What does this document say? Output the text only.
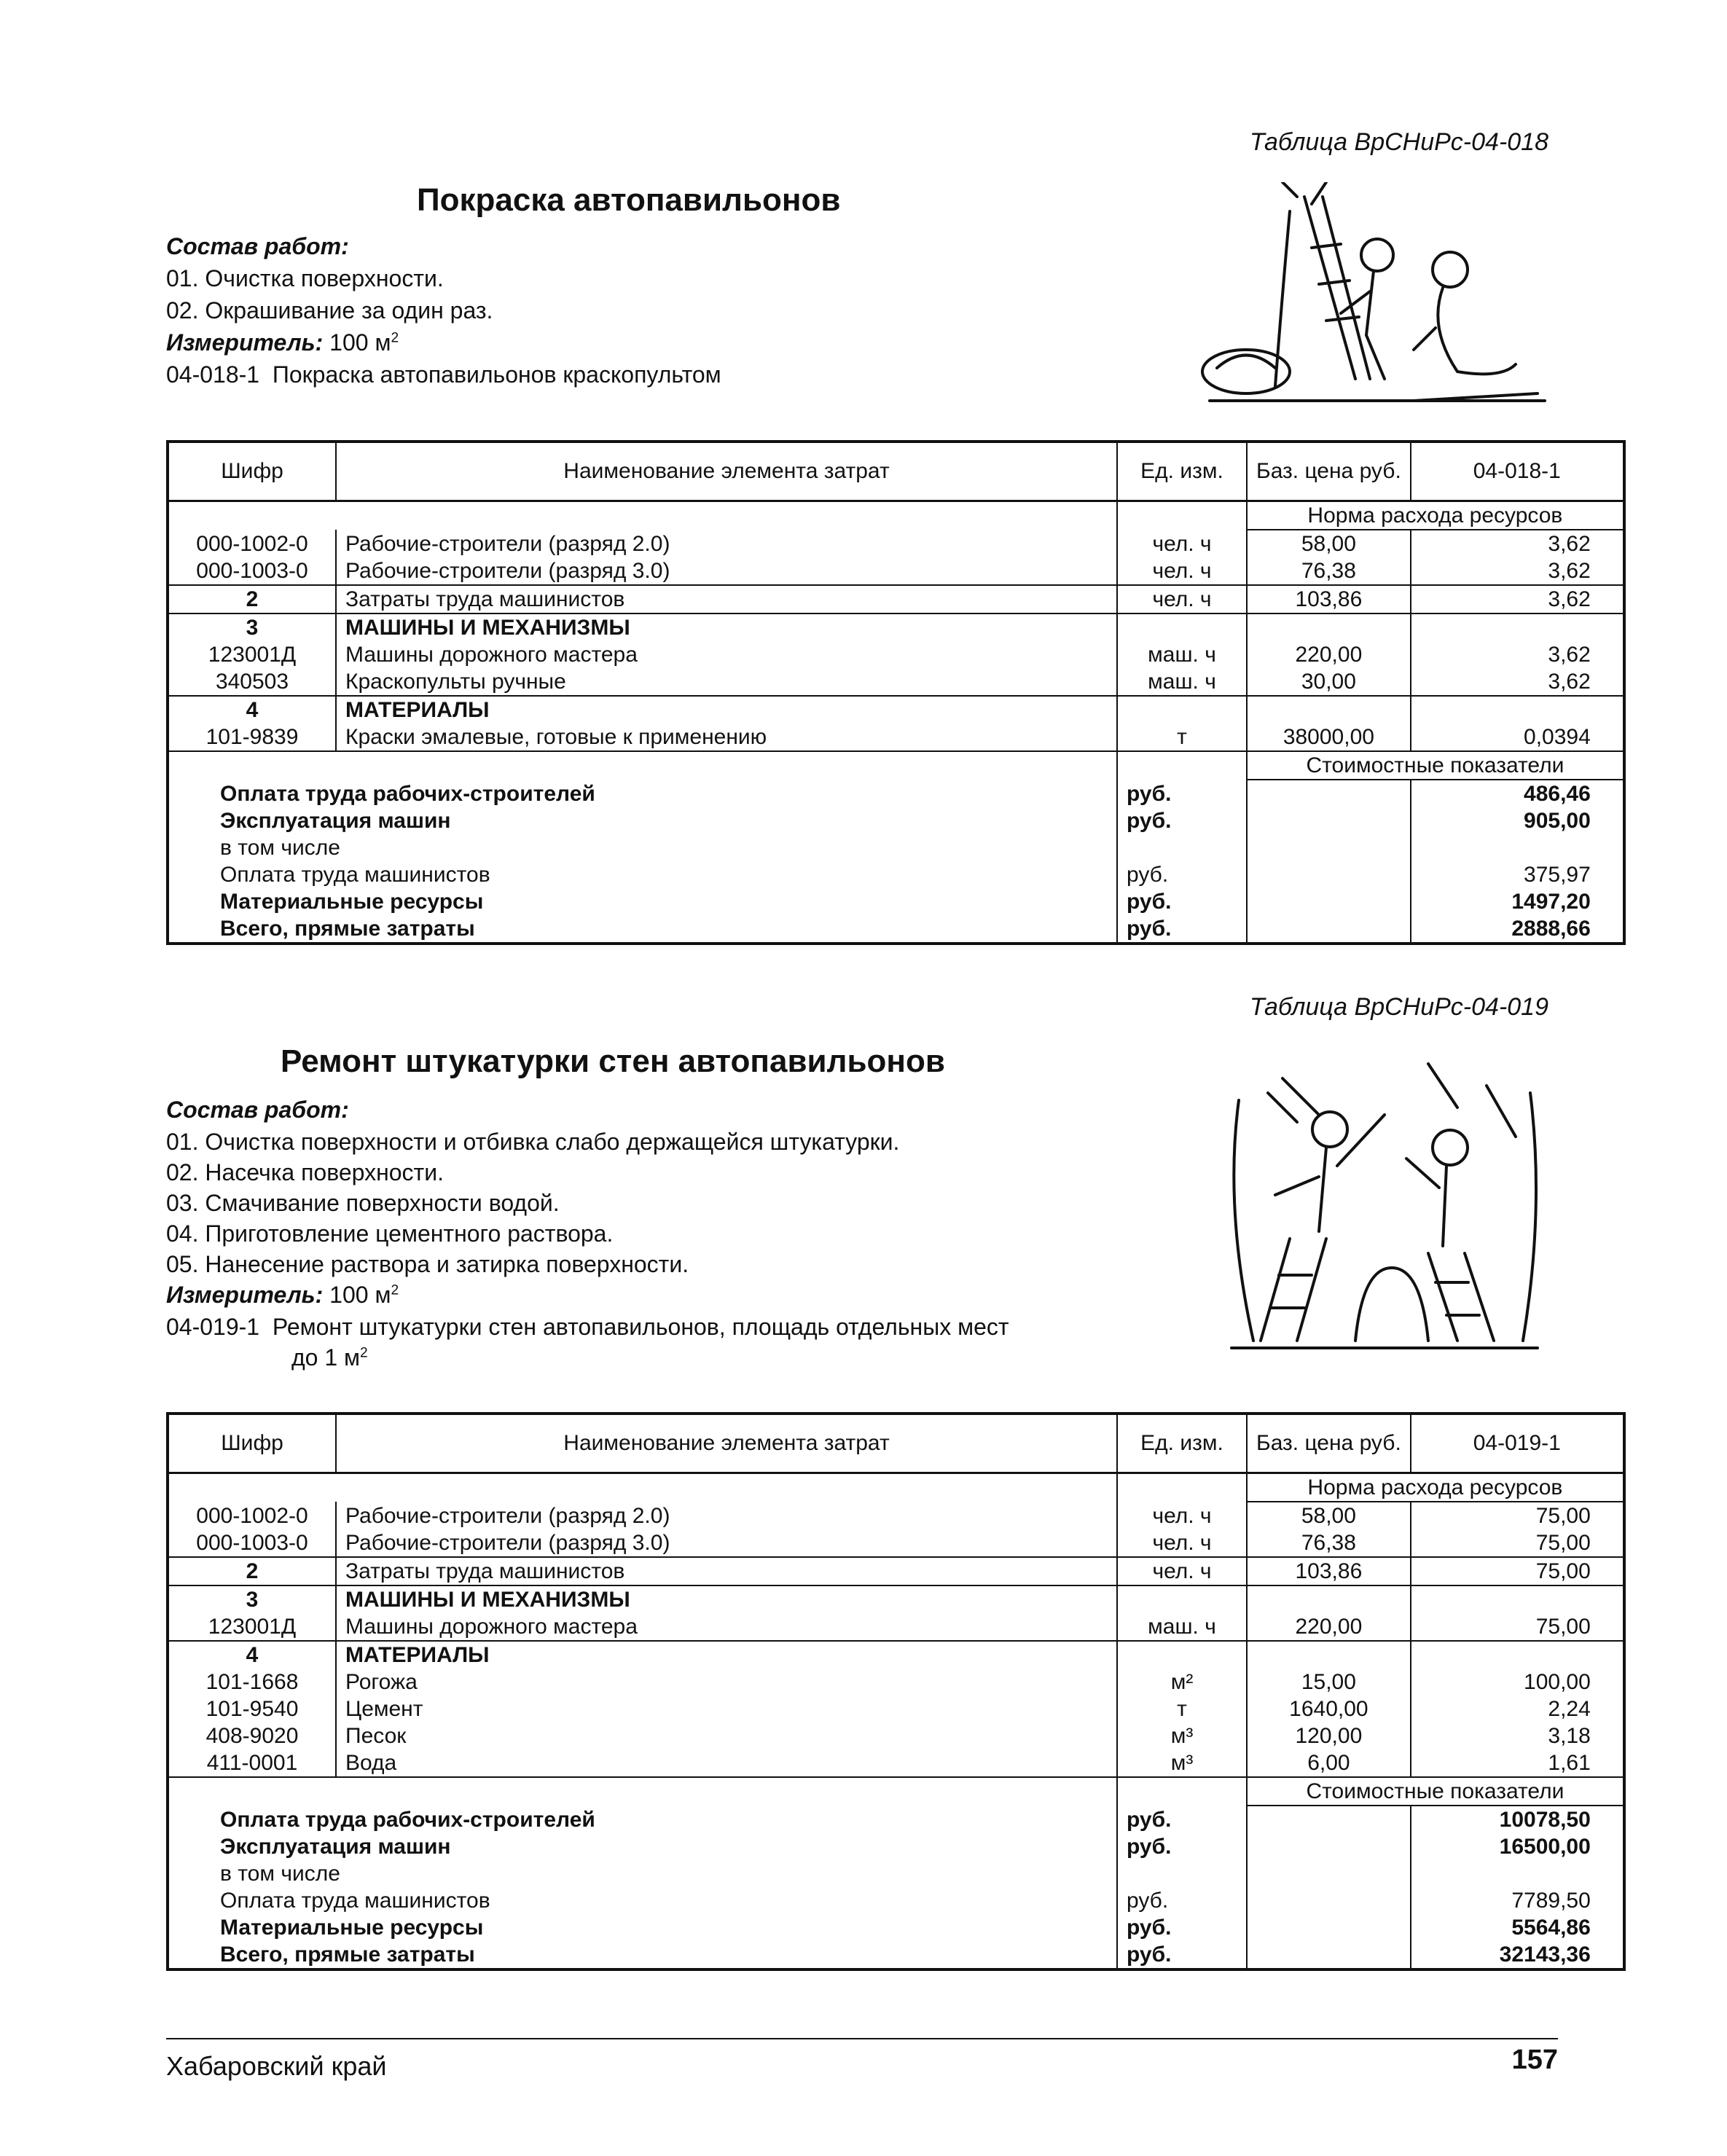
Таблица ВрСНиРс-04-018
Покраска автопавильонов
Состав работ:
01. Очистка поверхности.
02. Окрашивание за один раз.
Измеритель: 100 $м^2$
04-018-1 Покраска автопавильонов краскопультом
Шифр	Наименование элемента затрат	Ед. изм.	Баз. цена руб.	04-018-1
			Норма расхода ресурсов	
000-1002-0	Рабочие-строители (разряд 2.0)	чел. ч	58,00	3,62
000-1003-0	Рабочие-строители (разряд 3.0)	чел. ч	76,38	3,62
2	Затраты труда машинистов	чел. ч	103,86	3,62
3	МАШИНЫ И МЕХАНИЗМЫ			
123001Д	Машины дорожного мастера	маш. ч	220,00	3,62
340503	Краскопульты ручные	маш. ч	30,00	3,62
4	МАТЕРИАЛЫ			
101-9839	Краски эмалевые, готовые к применению	т	38000,00	0,0394
			Стоимостные показатели	
Оплата труда рабочих-строителей		руб.		486,46
Эксплуатация машин		руб.		905,00
в том числе				
Оплата труда машинистов		руб.		375,97
Материальные ресурсы		руб.		1497,20
Всего, прямые затраты		руб.		2888,66
Таблица ВрСНиРс-04-019
Ремонт штукатурки стен автопавильонов
Состав работ:
01. Очистка поверхности и отбивка слабо держащейся штукатурки.
02. Насечка поверхности.
03. Смачивание поверхности водой.
04. Приготовление цементного раствора.
05. Нанесение раствора и затирка поверхности.
Измеритель: 100 $м^2$
04-019-1 Ремонт штукатурки стен автопавильонов, площадь отдельных мест
до 1 $м^2$
Шифр	Наименование элемента затрат	Ед. изм.	Баз. цена руб.	04-019-1
			Норма расхода ресурсов	
000-1002-0	Рабочие-строители (разряд 2.0)	чел. ч	58,00	75,00
000-1003-0	Рабочие-строители (разряд 3.0)	чел. ч	76,38	75,00
2	Затраты труда машинистов	чел. ч	103,86	75,00
3	МАШИНЫ И МЕХАНИЗМЫ			
123001Д	Машины дорожного мастера	маш. ч	220,00	75,00
4	МАТЕРИАЛЫ			
101-1668	Рогожа	м²	15,00	100,00
101-9540	Цемент	т	1640,00	2,24
408-9020	Песок	м³	120,00	3,18
411-0001	Вода	м³	6,00	1,61
			Стоимостные показатели	
Оплата труда рабочих-строителей		руб.		10078,50
Эксплуатация машин		руб.		16500,00
в том числе				
Оплата труда машинистов		руб.		7789,50
Материальные ресурсы		руб.		5564,86
Всего, прямые затраты		руб.		32143,36
Хабаровский край	157
